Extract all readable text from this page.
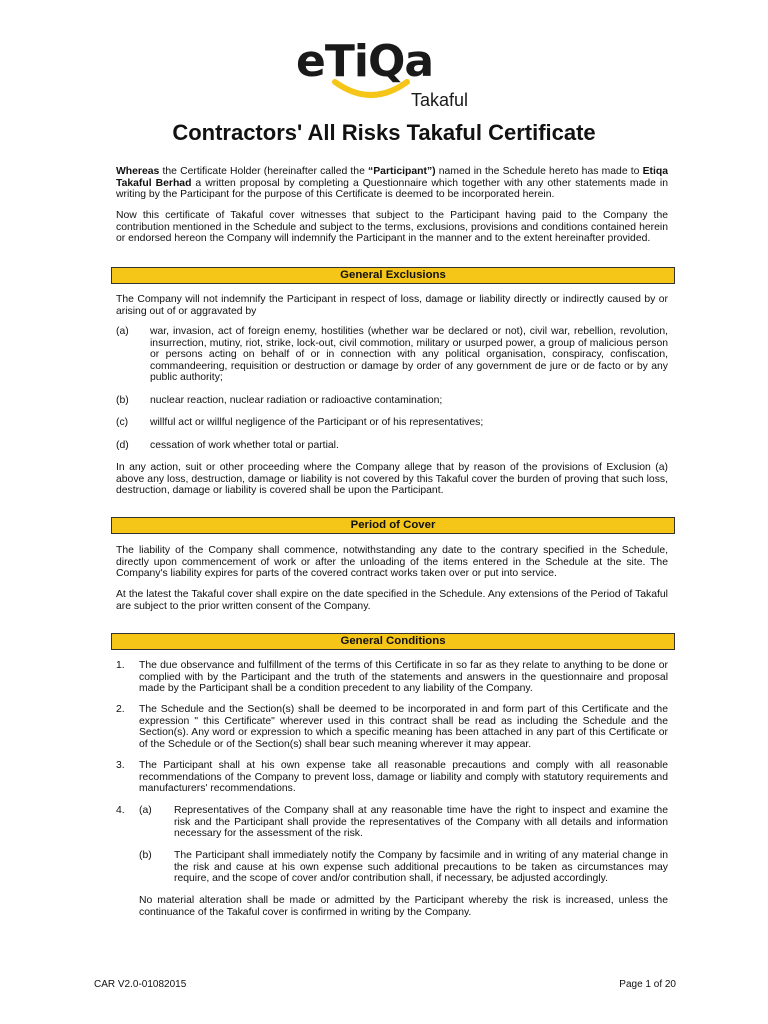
eTiQa
Takaful
Contractors' All Risks Takaful Certificate
Whereas the Certificate Holder (hereinafter called the “Participant”) named in the Schedule hereto has made to Etiqa Takaful Berhad a written proposal by completing a Questionnaire which together with any other statements made in writing by the Participant for the purpose of this Certificate is deemed to be incorporated herein.
Now this certificate of Takaful cover witnesses that subject to the Participant having paid to the Company the contribution mentioned in the Schedule and subject to the terms, exclusions, provisions and conditions contained herein or endorsed hereon the Company will indemnify the Participant in the manner and to the extent hereinafter provided.
General Exclusions
The Company will not indemnify the Participant in respect of loss, damage or liability directly or indirectly caused by or arising out of or aggravated by
(a) war, invasion, act of foreign enemy, hostilities (whether war be declared or not), civil war, rebellion, revolution, insurrection, mutiny, riot, strike, lock-out, civil commotion, military or usurped power, a group of malicious person or persons acting on behalf of or in connection with any political organisation, conspiracy, confiscation, commandeering, requisition or destruction or damage by order of any government de jure or de facto or by any public authority;
(b) nuclear reaction, nuclear radiation or radioactive contamination;
(c) willful act or willful negligence of the Participant or of his representatives;
(d) cessation of work whether total or partial.
In any action, suit or other proceeding where the Company allege that by reason of the provisions of Exclusion (a) above any loss, destruction, damage or liability is not covered by this Takaful cover the burden of proving that such loss, destruction, damage or liability is covered shall be upon the Participant.
Period of Cover
The liability of the Company shall commence, notwithstanding any date to the contrary specified in the Schedule, directly upon commencement of work or after the unloading of the items entered in the Schedule at the site. The Company's liability expires for parts of the covered contract works taken over or put into service.
At the latest the Takaful cover shall expire on the date specified in the Schedule. Any extensions of the Period of Takaful are subject to the prior written consent of the Company.
General Conditions
1. The due observance and fulfillment of the terms of this Certificate in so far as they relate to anything to be done or complied with by the Participant and the truth of the statements and answers in the questionnaire and proposal made by the Participant shall be a condition precedent to any liability of the Company.
2. The Schedule and the Section(s) shall be deemed to be incorporated in and form part of this Certificate and the expression " this Certificate" wherever used in this contract shall be read as including the Schedule and the Section(s). Any word or expression to which a specific meaning has been attached in any part of this Certificate or of the Schedule or of the Section(s) shall bear such meaning wherever it may appear.
3. The Participant shall at his own expense take all reasonable precautions and comply with all reasonable recommendations of the Company to prevent loss, damage or liability and comply with statutory requirements and manufacturers' recommendations.
4. (a) Representatives of the Company shall at any reasonable time have the right to inspect and examine the risk and the Participant shall provide the representatives of the Company with all details and information necessary for the assessment of the risk.
(b) The Participant shall immediately notify the Company by facsimile and in writing of any material change in the risk and cause at his own expense such additional precautions to be taken as circumstances may require, and the scope of cover and/or contribution shall, if necessary, be adjusted accordingly.
No material alteration shall be made or admitted by the Participant whereby the risk is increased, unless the continuance of the Takaful cover is confirmed in writing by the Company.
CAR V2.0-01082015	Page 1 of 20
